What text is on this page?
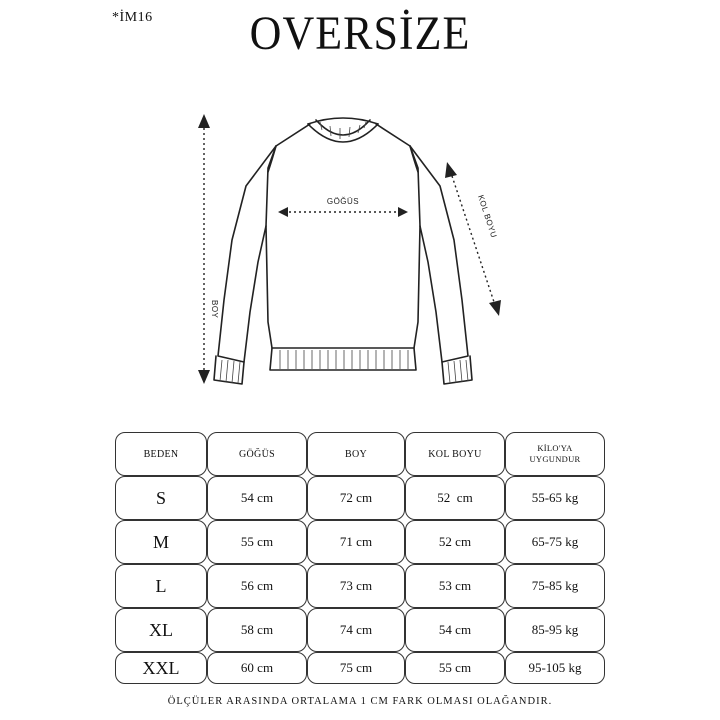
*İM16	OVERSİZE
GÖĞÜS
BOY
KOL BOYU
BEDEN	GÖĞÜS	BOY	KOL BOYU
KİLO'YA
UYGUNDUR
S	54 cm	72 cm	52  cm	55-65 kg
M	55 cm	71 cm	52 cm	65-75 kg
L	56 cm	73 cm	53 cm	75-85 kg
XL	58 cm	74 cm	54 cm	85-95 kg
XXL	60 cm	75 cm	55 cm	95-105 kg
ÖLÇÜLER ARASINDA ORTALAMA 1 CM FARK OLMASI OLAĞANDIR.
